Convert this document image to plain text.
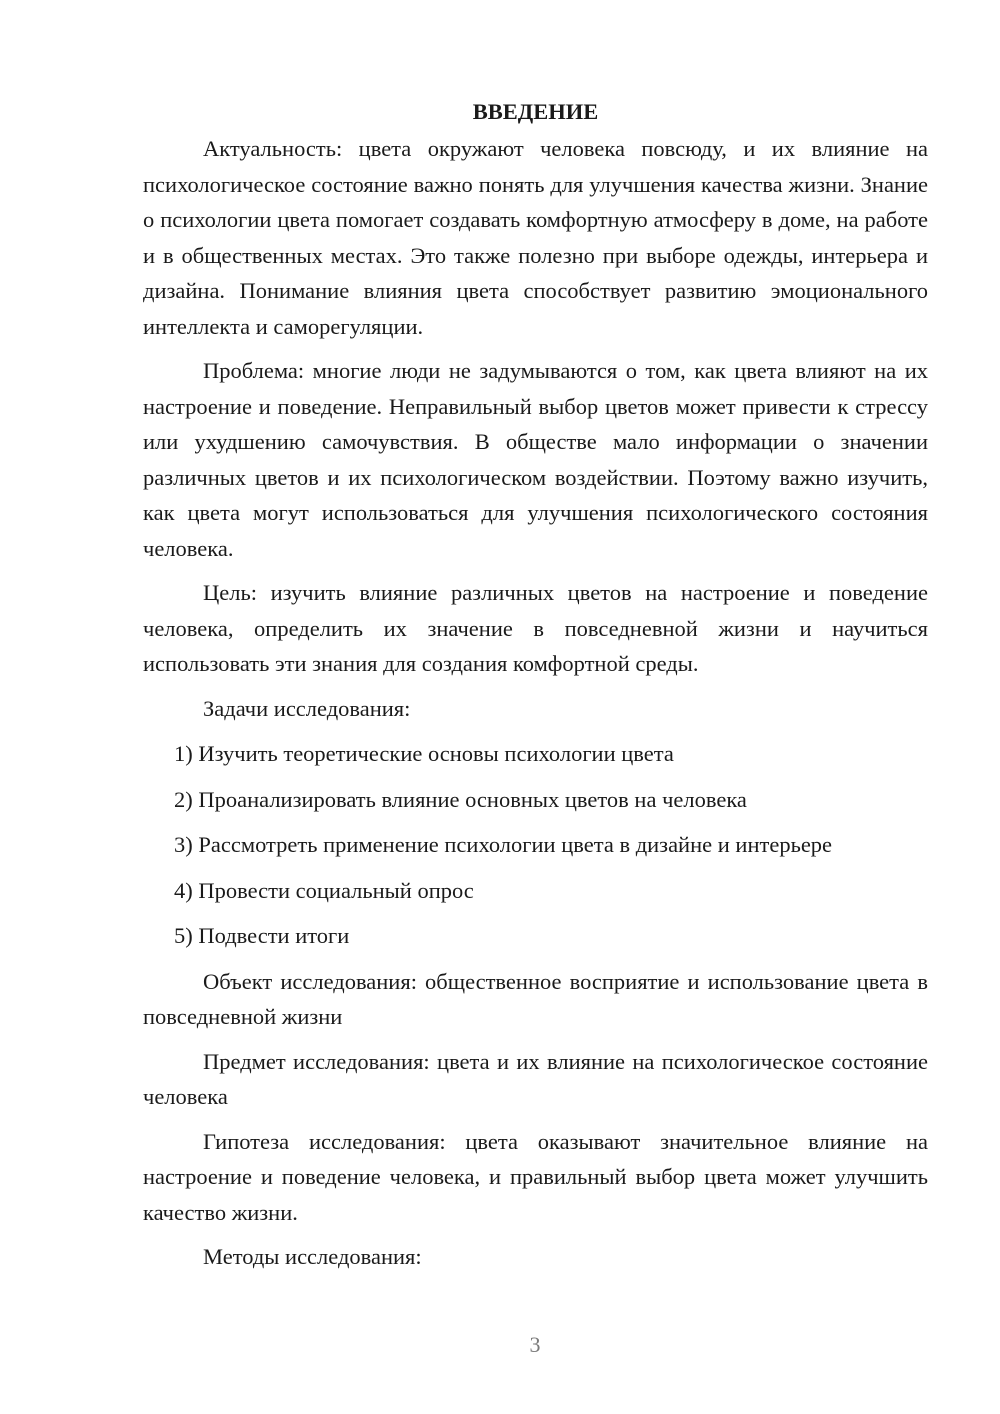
ВВЕДЕНИЕ

Актуальность: цвета окружают человека повсюду, и их влияние на психологическое состояние важно понять для улучшения качества жизни. Знание о психологии цвета помогает создавать комфортную атмосферу в доме, на работе и в общественных местах. Это также полезно при выборе одежды, интерьера и дизайна. Понимание влияния цвета способствует развитию эмоционального интеллекта и саморегуляции.

Проблема: многие люди не задумываются о том, как цвета влияют на их настроение и поведение. Неправильный выбор цветов может привести к стрессу или ухудшению самочувствия. В обществе мало информации о значении различных цветов и их психологическом воздействии. Поэтому важно изучить, как цвета могут использоваться для улучшения психологического состояния человека.

Цель: изучить влияние различных цветов на настроение и поведение человека, определить их значение в повседневной жизни и научиться использовать эти знания для создания комфортной среды.

Задачи исследования:
1) Изучить теоретические основы психологии цвета
2) Проанализировать влияние основных цветов на человека
3) Рассмотреть применение психологии цвета в дизайне и интерьере
4) Провести социальный опрос
5) Подвести итоги

Объект исследования: общественное восприятие и использование цвета в повседневной жизни

Предмет исследования: цвета и их влияние на психологическое состояние человека

Гипотеза исследования: цвета оказывают значительное влияние на настроение и поведение человека, и правильный выбор цвета может улучшить качество жизни.

Методы исследования:
3
